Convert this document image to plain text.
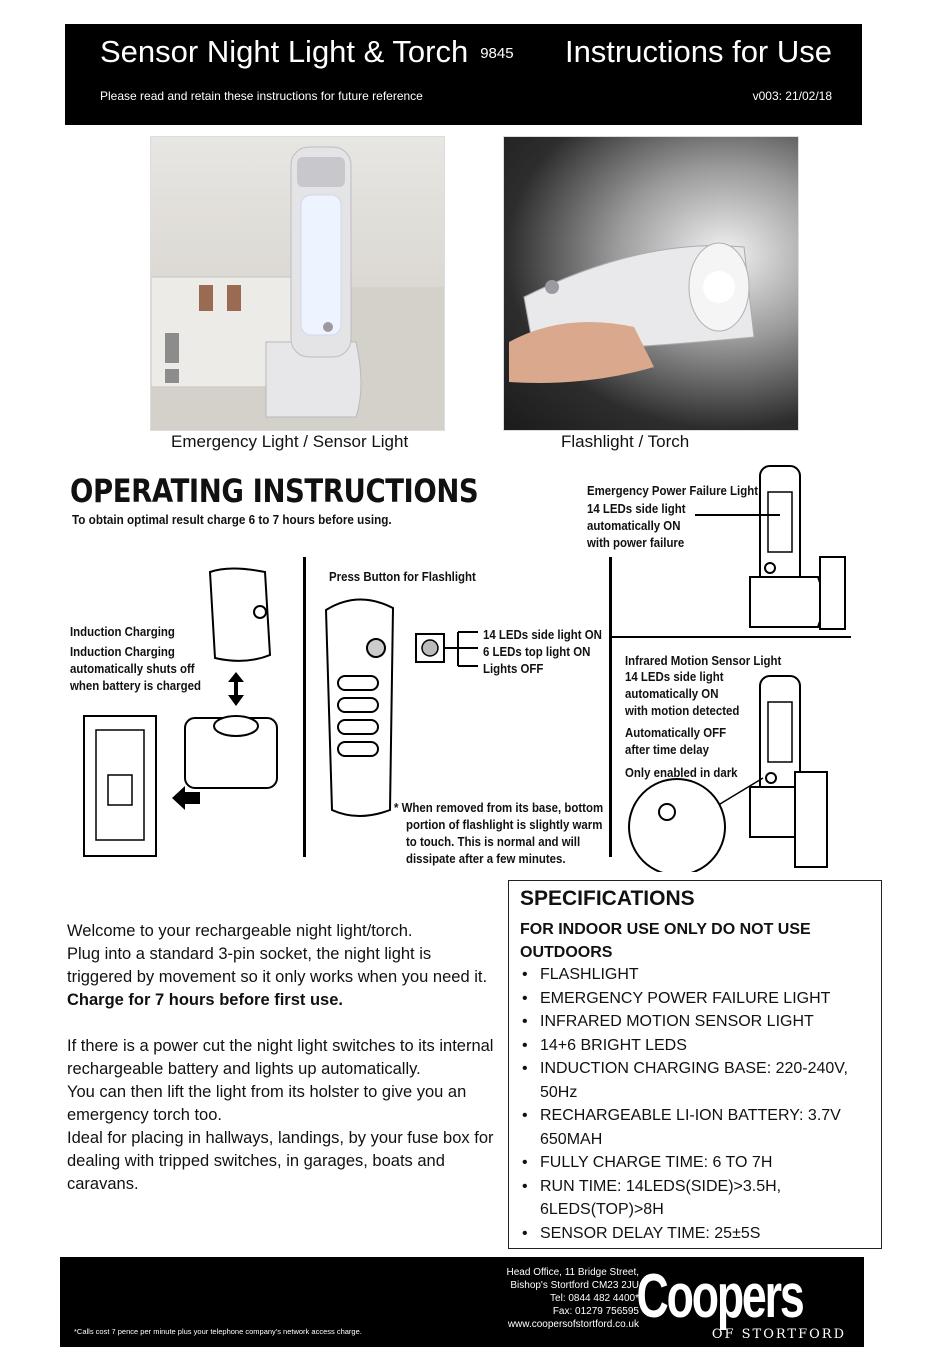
Sensor Night Light & Torch 9845 Instructions for Use
Please read and retain these instructions for future reference	v003: 21/02/18
Emergency Light / Sensor Light	Flashlight / Torch
OPERATING INSTRUCTIONS
To obtain optimal result charge 6 to 7 hours before using.
Emergency Power Failure Light
14 LEDs side light
automatically ON
with power failure
Press Button for Flashlight
14 LEDs side light ON
6 LEDs top light ON
Lights OFF
Induction Charging
Induction Charging
automatically shuts off
when battery is charged
Infrared Motion Sensor Light
14 LEDs side light
automatically ON
with motion detected
Automatically OFF
after time delay
Only enabled in dark
* When removed from its base, bottom
portion of flashlight is slightly warm
to touch. This is normal and will
dissipate after a few minutes.

Welcome to your rechargeable night light/torch.

Plug into a standard 3-pin socket, the night light is triggered by movement so it only works when you need it.

Charge for 7 hours before first use.

If there is a power cut the night light switches to its internal rechargeable battery and lights up automatically.

You can then lift the light from its holster to give you an emergency torch too.

Ideal for placing in hallways, landings, by your fuse box for dealing with tripped switches, in garages, boats and caravans.

SPECIFICATIONS
FOR INDOOR USE ONLY DO NOT USE OUTDOORS
• FLASHLIGHT
• EMERGENCY POWER FAILURE LIGHT
• INFRARED MOTION SENSOR LIGHT
• 14+6 BRIGHT LEDS
• INDUCTION CHARGING BASE: 220-240V, 50Hz
• RECHARGEABLE LI-ION BATTERY: 3.7V 650MAH
• FULLY CHARGE TIME: 6 TO 7H
• RUN TIME: 14LEDS(SIDE)>3.5H, 6LEDS(TOP)>8H
• SENSOR DELAY TIME: 25±5S
*Calls cost 7 pence per minute plus your telephone company's network access charge.
Head Office, 11 Bridge Street,
Bishop's Stortford CM23 2JU
Tel: 0844 482 4400*
Fax: 01279 756595
www.coopersofstortford.co.uk
Coopers
OF STORTFORD
